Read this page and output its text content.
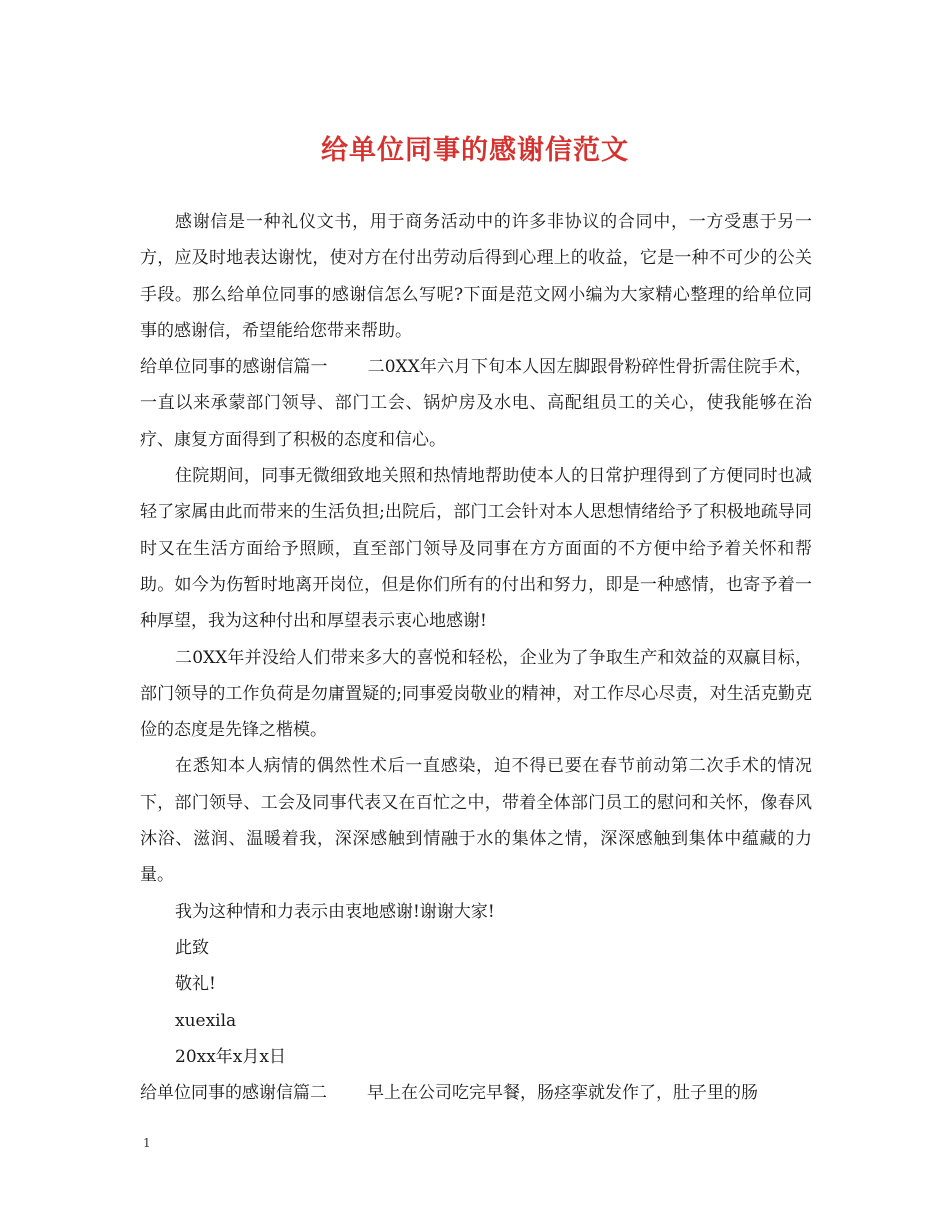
给单位同事的感谢信范文

感谢信是一种礼仪文书，用于商务活动中的许多非协议的合同中，一方受惠于另一方，应及时地表达谢忱，使对方在付出劳动后得到心理上的收益，它是一种不可少的公关手段。那么给单位同事的感谢信怎么写呢?下面是范文网小编为大家精心整理的给单位同事的感谢信，希望能给您带来帮助。

给单位同事的感谢信篇一 二0XX年六月下旬本人因左脚跟骨粉碎性骨折需住院手术，一直以来承蒙部门领导、部门工会、锅炉房及水电、高配组员工的关心，使我能够在治疗、康复方面得到了积极的态度和信心。

住院期间，同事无微细致地关照和热情地帮助使本人的日常护理得到了方便同时也减轻了家属由此而带来的生活负担;出院后，部门工会针对本人思想情绪给予了积极地疏导同时又在生活方面给予照顾，直至部门领导及同事在方方面面的不方便中给予着关怀和帮助。如今为伤暂时地离开岗位，但是你们所有的付出和努力，即是一种感情，也寄予着一种厚望，我为这种付出和厚望表示衷心地感谢!

二0XX年并没给人们带来多大的喜悦和轻松，企业为了争取生产和效益的双赢目标，部门领导的工作负荷是勿庸置疑的;同事爱岗敬业的精神，对工作尽心尽责，对生活克勤克俭的态度是先锋之楷模。

在悉知本人病情的偶然性术后一直感染，迫不得已要在春节前动第二次手术的情况下，部门领导、工会及同事代表又在百忙之中，带着全体部门员工的慰问和关怀，像春风沐浴、滋润、温暖着我，深深感触到情融于水的集体之情，深深感触到集体中蕴藏的力量。

我为这种情和力表示由衷地感谢!谢谢大家!

此致

敬礼!

xuexila

20xx年x月x日

给单位同事的感谢信篇二 早上在公司吃完早餐，肠痉挛就发作了，肚子里的肠

1
